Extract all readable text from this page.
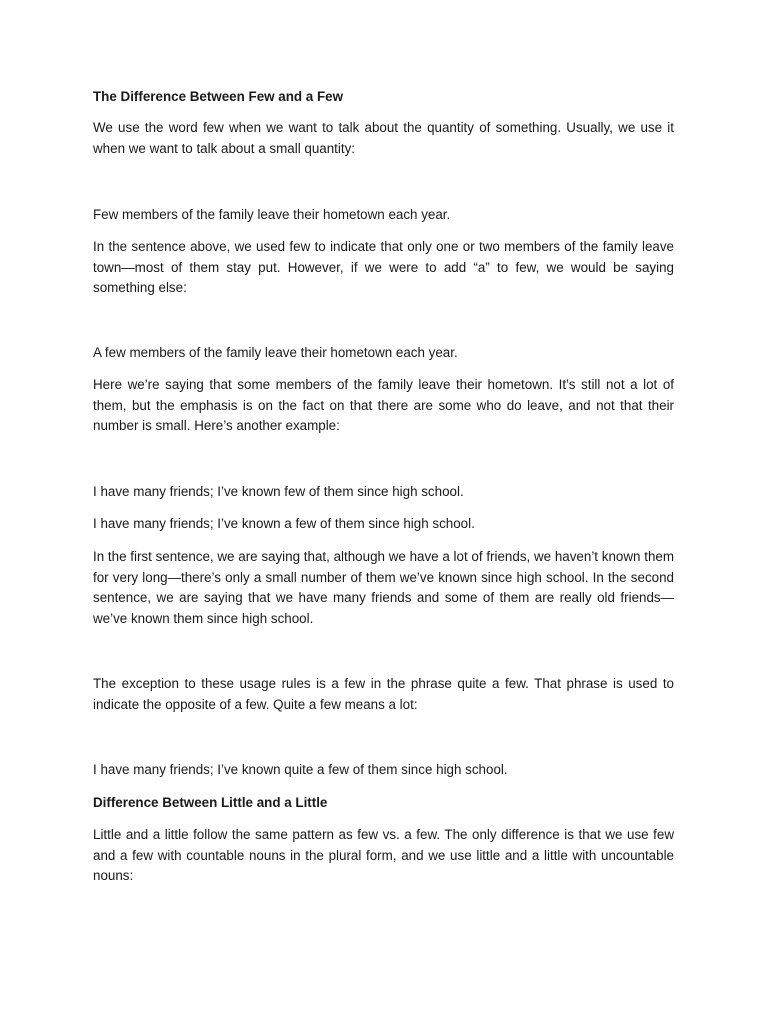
The Difference Between Few and a Few

We use the word few when we want to talk about the quantity of something. Usually, we use it when we want to talk about a small quantity:

Few members of the family leave their hometown each year.

In the sentence above, we used few to indicate that only one or two members of the family leave town—most of them stay put. However, if we were to add “a” to few, we would be saying something else:

A few members of the family leave their hometown each year.

Here we’re saying that some members of the family leave their hometown. It’s still not a lot of them, but the emphasis is on the fact on that there are some who do leave, and not that their number is small. Here’s another example:

I have many friends; I’ve known few of them since high school.

I have many friends; I’ve known a few of them since high school.

In the first sentence, we are saying that, although we have a lot of friends, we haven’t known them for very long—there’s only a small number of them we’ve known since high school. In the second sentence, we are saying that we have many friends and some of them are really old friends—we’ve known them since high school.

The exception to these usage rules is a few in the phrase quite a few. That phrase is used to indicate the opposite of a few. Quite a few means a lot:

I have many friends; I’ve known quite a few of them since high school.

Difference Between Little and a Little

Little and a little follow the same pattern as few vs. a few. The only difference is that we use few and a few with countable nouns in the plural form, and we use little and a little with uncountable nouns:
